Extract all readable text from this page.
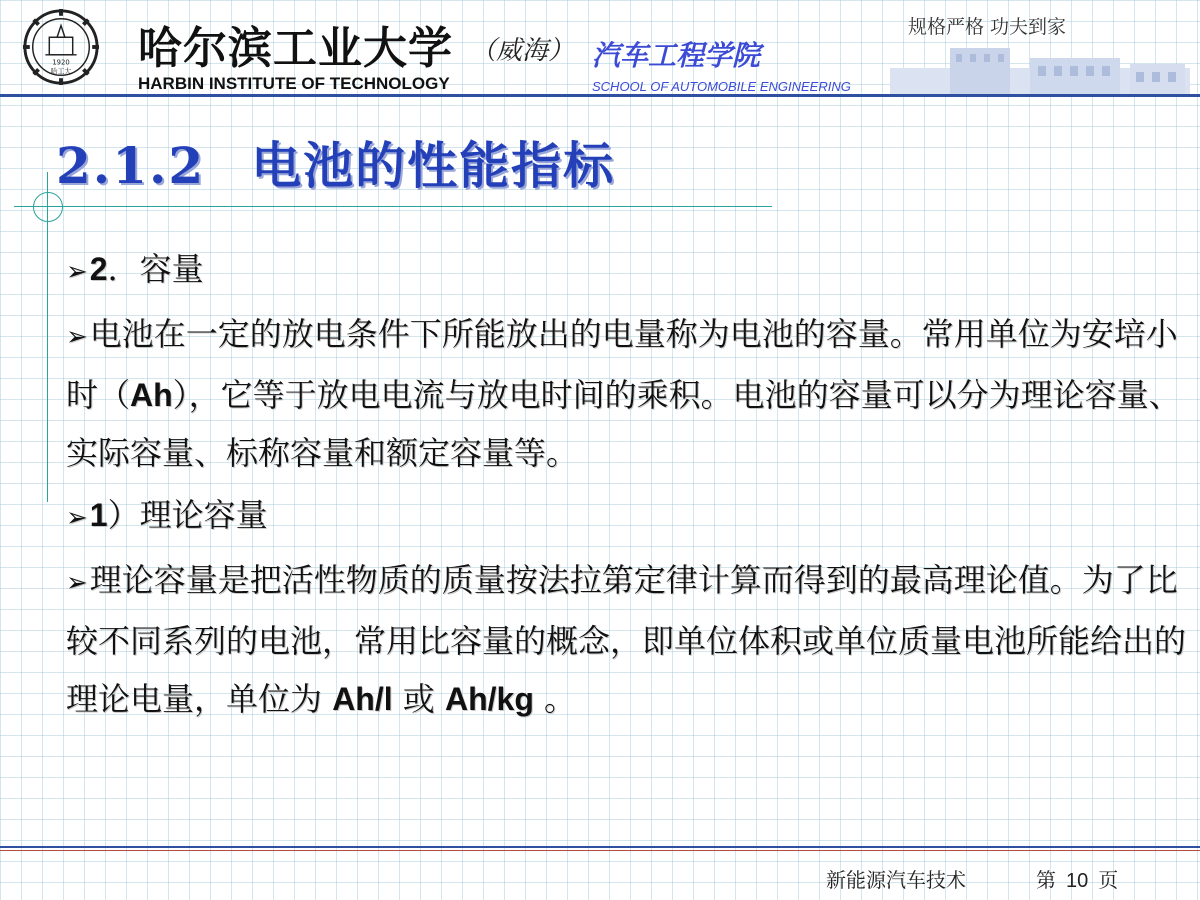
1920
哈工大 哈尔滨工业大学 （威海） 汽车工程学院
HARBIN INSTITUTE OF TECHNOLOGY	SCHOOL OF AUTOMOBILE ENGINEERING
规格严格 功夫到家
2.1.2 电池的性能指标

➢2．容量

➢电池在一定的放电条件下所能放出的电量称为电池的容量。常用单位为安培小时（Ah），它等于放电电流与放电时间的乘积。电池的容量可以分为理论容量、实际容量、标称容量和额定容量等。

➢1）理论容量

➢理论容量是把活性物质的质量按法拉第定律计算而得到的最高理论值。为了比较不同系列的电池，常用比容量的概念，即单位体积或单位质量电池所能给出的理论电量，单位为 Ah/l 或 Ah/kg 。

新能源汽车技术	第 10 页
